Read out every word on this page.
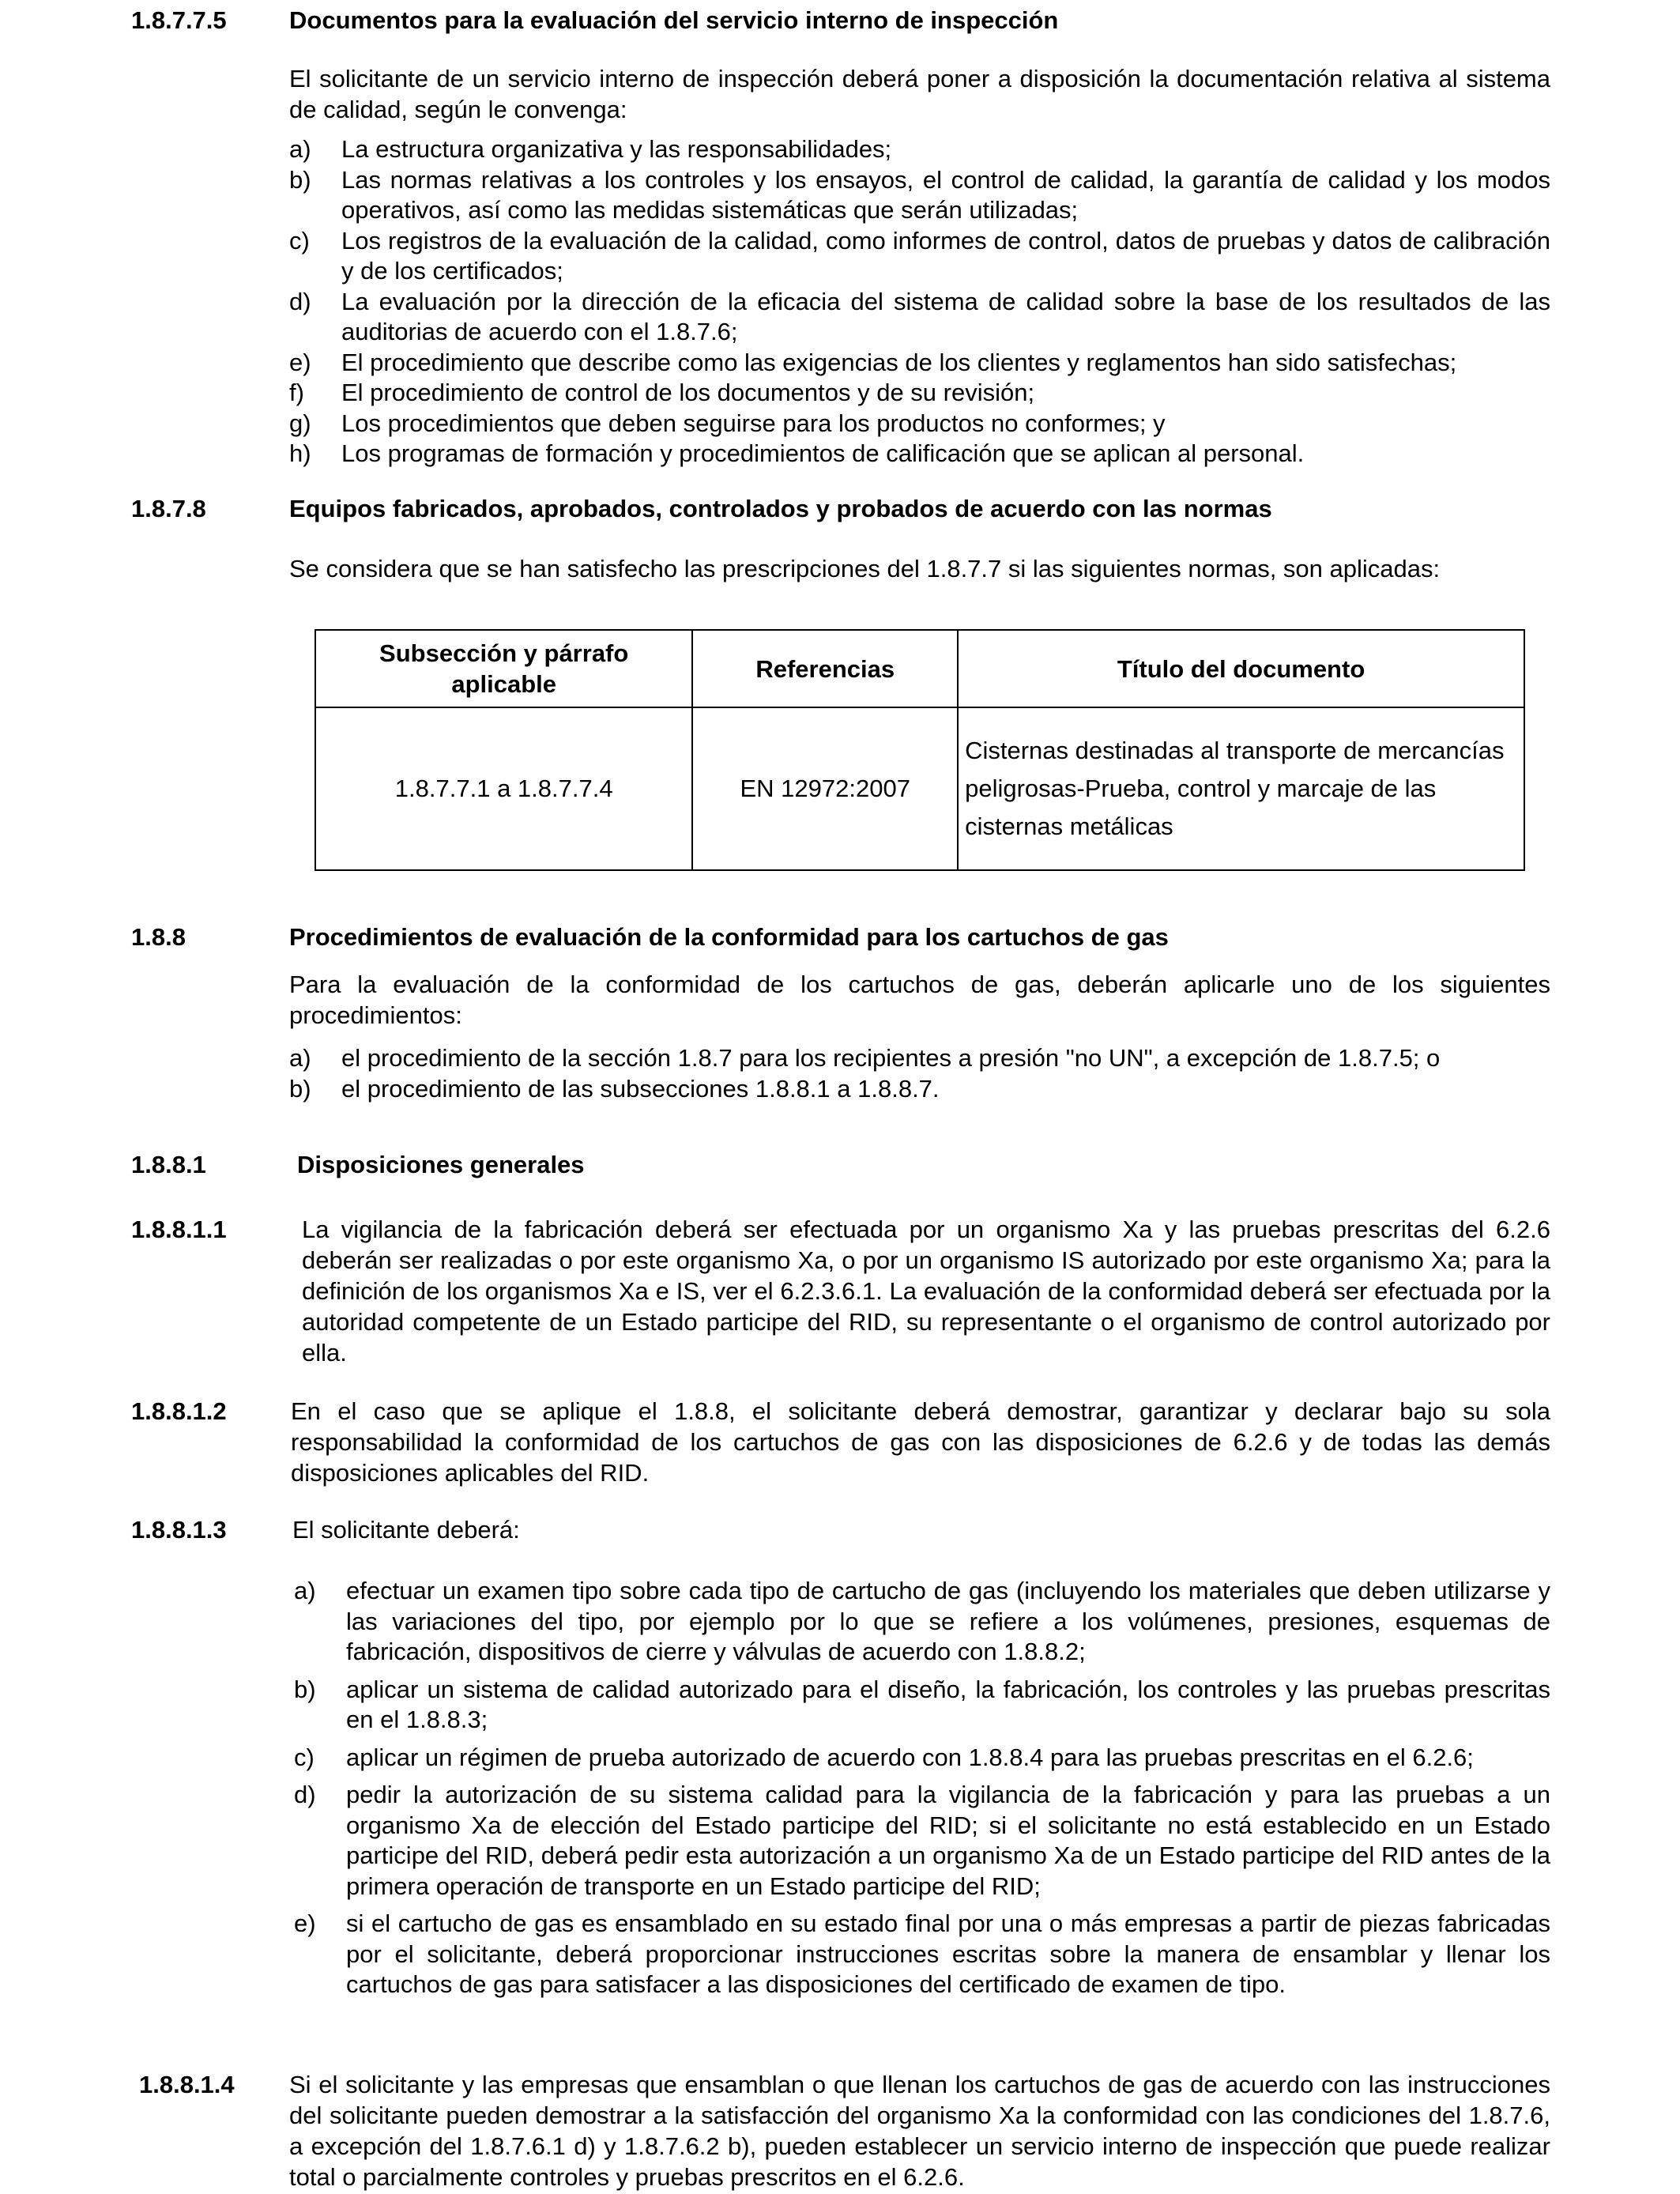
1.8.7.7.5	Documentos para la evaluación del servicio interno de inspección
El solicitante de un servicio interno de inspección deberá poner a disposición la documentación relativa al sistema de calidad, según le convenga:
a) La estructura organizativa y las responsabilidades;
b) Las normas relativas a los controles y los ensayos, el control de calidad, la garantía de calidad y los modos operativos, así como las medidas sistemáticas que serán utilizadas;
c) Los registros de la evaluación de la calidad, como informes de control, datos de pruebas y datos de calibración y de los certificados;
d) La evaluación por la dirección de la eficacia del sistema de calidad sobre la base de los resultados de las auditorias de acuerdo con el 1.8.7.6;
e) El procedimiento que describe como las exigencias de los clientes y reglamentos han sido satisfechas;
f) El procedimiento de control de los documentos y de su revisión;
g) Los procedimientos que deben seguirse para los productos no conformes; y
h) Los programas de formación y procedimientos de calificación que se aplican al personal.
1.8.7.8	Equipos fabricados, aprobados, controlados y probados de acuerdo con las normas
Se considera que se han satisfecho las prescripciones del 1.8.7.7 si las siguientes normas, son aplicadas:
Subsección y párrafo aplicable	Referencias	Título del documento
1.8.7.7.1 a 1.8.7.7.4	EN 12972:2007	Cisternas destinadas al transporte de mercancías peligrosas-Prueba, control y marcaje de las cisternas metálicas
1.8.8	Procedimientos de evaluación de la conformidad para los cartuchos de gas
Para la evaluación de la conformidad de los cartuchos de gas, deberán aplicarle uno de los siguientes procedimientos:
a) el procedimiento de la sección 1.8.7 para los recipientes a presión "no UN", a excepción de 1.8.7.5; o
b) el procedimiento de las subsecciones 1.8.8.1 a 1.8.8.7.
1.8.8.1	Disposiciones generales
1.8.8.1.1	La vigilancia de la fabricación deberá ser efectuada por un organismo Xa y las pruebas prescritas del 6.2.6 deberán ser realizadas o por este organismo Xa, o por un organismo IS autorizado por este organismo Xa; para la definición de los organismos Xa e IS, ver el 6.2.3.6.1. La evaluación de la conformidad deberá ser efectuada por la autoridad competente de un Estado participe del RID, su representante o el organismo de control autorizado por ella.
1.8.8.1.2	En el caso que se aplique el 1.8.8, el solicitante deberá demostrar, garantizar y declarar bajo su sola responsabilidad la conformidad de los cartuchos de gas con las disposiciones de 6.2.6 y de todas las demás disposiciones aplicables del RID.
1.8.8.1.3	El solicitante deberá:
a) efectuar un examen tipo sobre cada tipo de cartucho de gas (incluyendo los materiales que deben utilizarse y las variaciones del tipo, por ejemplo por lo que se refiere a los volúmenes, presiones, esquemas de fabricación, dispositivos de cierre y válvulas de acuerdo con 1.8.8.2;
b) aplicar un sistema de calidad autorizado para el diseño, la fabricación, los controles y las pruebas prescritas en el 1.8.8.3;
c) aplicar un régimen de prueba autorizado de acuerdo con 1.8.8.4 para las pruebas prescritas en el 6.2.6;
d) pedir la autorización de su sistema calidad para la vigilancia de la fabricación y para las pruebas a un organismo Xa de elección del Estado participe del RID; si el solicitante no está establecido en un Estado participe del RID, deberá pedir esta autorización a un organismo Xa de un Estado participe del RID antes de la primera operación de transporte en un Estado participe del RID;
e) si el cartucho de gas es ensamblado en su estado final por una o más empresas a partir de piezas fabricadas por el solicitante, deberá proporcionar instrucciones escritas sobre la manera de ensamblar y llenar los cartuchos de gas para satisfacer a las disposiciones del certificado de examen de tipo.
1.8.8.1.4 Si el solicitante y las empresas que ensamblan o que llenan los cartuchos de gas de acuerdo con las instrucciones del solicitante pueden demostrar a la satisfacción del organismo Xa la conformidad con las condiciones del 1.8.7.6, a excepción del 1.8.7.6.1 d) y 1.8.7.6.2 b), pueden establecer un servicio interno de inspección que puede realizar total o parcialmente controles y pruebas prescritos en el 6.2.6.
